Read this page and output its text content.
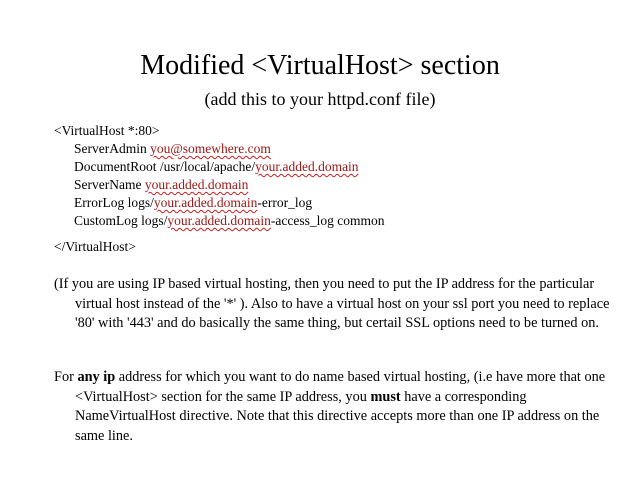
Modified <VirtualHost> section
(add this to your httpd.conf file)
<VirtualHost *:80>
ServerAdmin you@somewhere.com
DocumentRoot /usr/local/apache/your.added.domain
ServerName your.added.domain
ErrorLog logs/your.added.domain-error_log
CustomLog logs/your.added.domain-access_log common
</VirtualHost>
(If you are using IP based virtual hosting, then you need to put the IP address for the particular virtual host instead of the '*' ). Also to have a virtual host on your ssl port you need to replace '80' with '443' and do basically the same thing, but certail SSL options need to be turned on.
For any ip address for which you want to do name based virtual hosting, (i.e have more that one <VirtualHost> section for the same IP address, you must have a corresponding NameVirtualHost directive. Note that this directive accepts more than one IP address on the same line.
